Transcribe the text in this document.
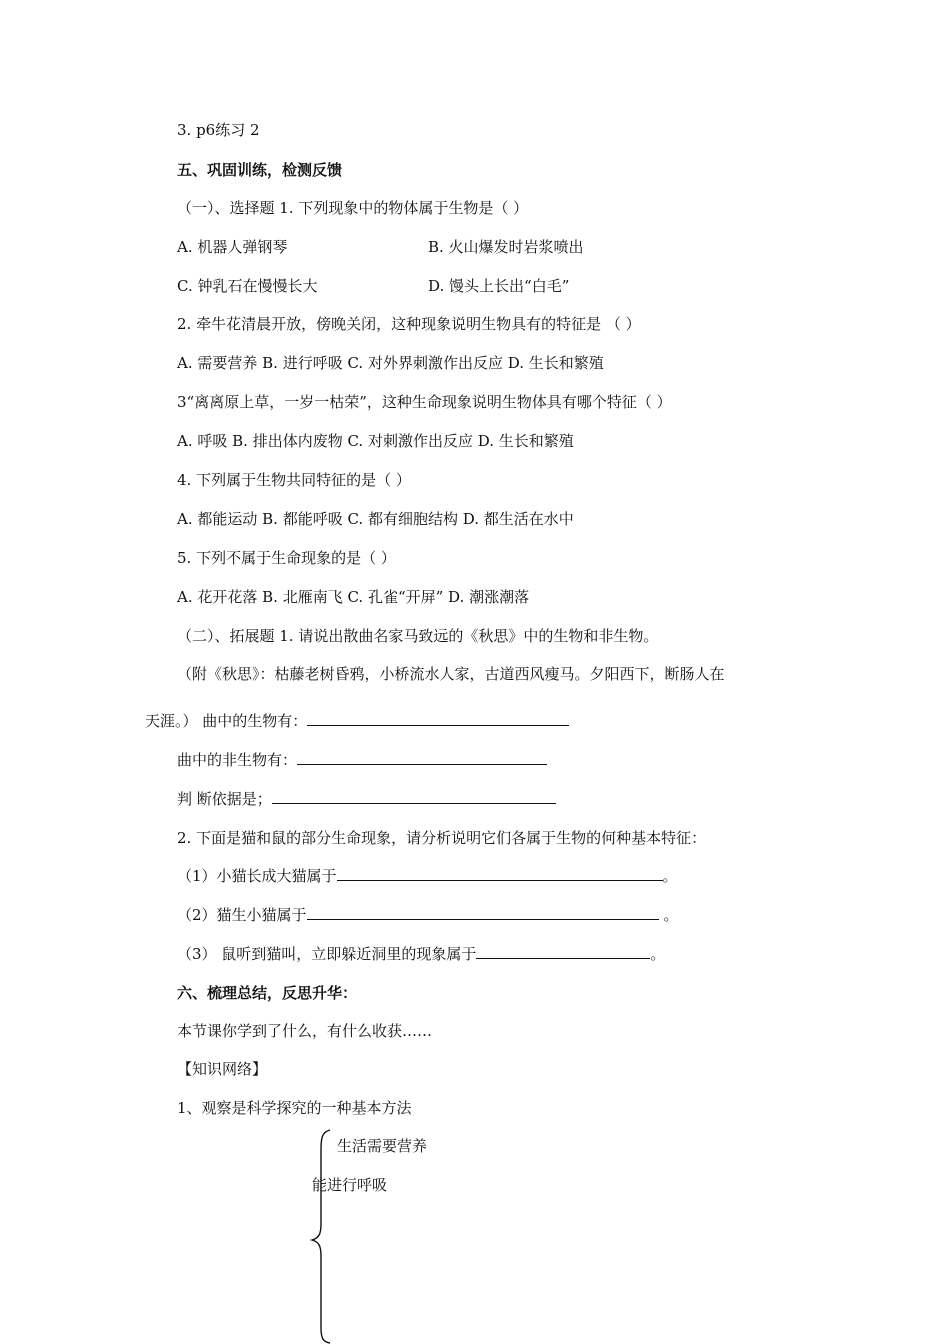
3. p6练习 2
五、巩固训练，检测反馈
（一）、选择题 1. 下列现象中的物体属于生物是（ ）
A. 机器人弹钢琴	B. 火山爆发时岩浆喷出
C. 钟乳石在慢慢长大	D. 馒头上长出“白毛”
2. 牵牛花清晨开放，傍晚关闭，这种现象说明生物具有的特征是 （ ）
A. 需要营养 B. 进行呼吸 C. 对外界刺激作出反应 D. 生长和繁殖
3“离离原上草，一岁一枯荣”，这种生命现象说明生物体具有哪个特征（ ）
A. 呼吸 B. 排出体内废物 C. 对刺激作出反应 D. 生长和繁殖
4. 下列属于生物共同特征的是（ ）
A. 都能运动 B. 都能呼吸 C. 都有细胞结构 D. 都生活在水中
5. 下列不属于生命现象的是（ ）
A. 花开花落 B. 北雁南飞 C. 孔雀“开屏” D. 潮涨潮落
（二）、拓展题 1. 请说出散曲名家马致远的《秋思》中的生物和非生物。
（附《秋思》：枯藤老树昏鸦，小桥流水人家，古道西风瘦马。夕阳西下，断肠人在
天涯。） 曲中的生物有：
曲中的非生物有：
判 断依据是；
2. 下面是猫和鼠的部分生命现象，请分析说明它们各属于生物的何种基本特征：
（1）小猫长成大猫属于	。
（2）猫生小猫属于	。
（3） 鼠听到猫叫，立即躲近洞里的现象属于	。
六、梳理总结，反思升华：
本节课你学到了什么，有什么收获……
【知识网络】
1、观察是科学探究的一种基本方法
生活需要营养
能进行呼吸
